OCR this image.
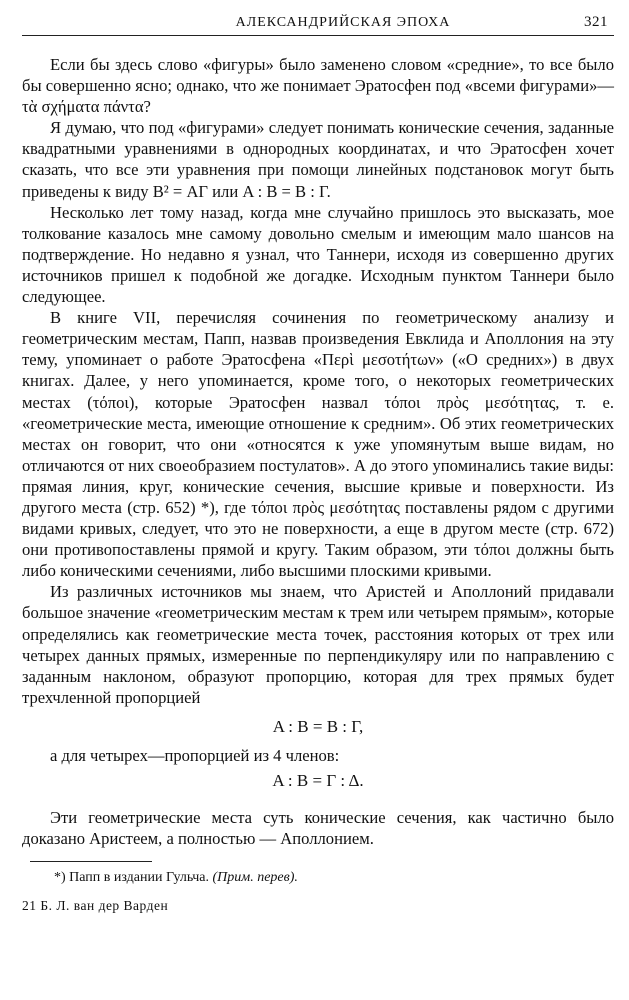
АЛЕКСАНДРИЙСКАЯ ЭПОХА	321

Если бы здесь слово «фигуры» было заменено словом «средние», то все было бы совершенно ясно; однако, что же понимает Эратосфен под «всеми фигурами»—τὰ σχήματα πάντα?

Я думаю, что под «фигурами» следует понимать конические сечения, заданные квадратными уравнениями в однородных координатах, и что Эратосфен хочет сказать, что все эти уравнения при помощи линейных подстановок могут быть приведены к виду B² = ΑΓ или Α : Β = Β : Γ.

Несколько лет тому назад, когда мне случайно пришлось это высказать, мое толкование казалось мне самому довольно смелым и имеющим мало шансов на подтверждение. Но недавно я узнал, что Таннери, исходя из совершенно других источников пришел к подобной же догадке. Исходным пунктом Таннери было следующее.

В книге VII, перечисляя сочинения по геометрическому анализу и геометрическим местам, Папп, назвав произведения Евклида и Аполлония на эту тему, упоминает о работе Эратосфена «Περὶ μεσοτήτων» («О средних») в двух книгах. Далее, у него упоминается, кроме того, о некоторых геометрических местах (τόποι), которые Эратосфен назвал τόποι πρὸς μεσότητας, т. е. «геометрические места, имеющие отношение к средним». Об этих геометрических местах он говорит, что они «относятся к уже упомянутым выше видам, но отличаются от них своеобразием постулатов». А до этого упоминались такие виды: прямая линия, круг, конические сечения, высшие кривые и поверхности. Из другого места (стр. 652) *), где τόποι πρὸς μεσότητας поставлены рядом с другими видами кривых, следует, что это не поверхности, а еще в другом месте (стр. 672) они противопоставлены прямой и кругу. Таким образом, эти τόποι должны быть либо коническими сечениями, либо высшими плоскими кривыми.

Из различных источников мы знаем, что Аристей и Аполлоний придавали большое значение «геометрическим местам к трем или четырем прямым», которые определялись как геометрические места точек, расстояния которых от трех или четырех данных прямых, измеренные по перпендикуляру или по направлению с заданным наклоном, образуют пропорцию, которая для трех прямых будет трехчленной пропорцией

Α : Β = Β : Γ,

а для четырех—пропорцией из 4 членов:

Α : Β = Γ : Δ.

Эти геометрические места суть конические сечения, как частично было доказано Аристеем, а полностью — Аполлонием.

*) Папп в издании Гульча. (Прим. перев).
21 Б. Л. ван дер Варден
